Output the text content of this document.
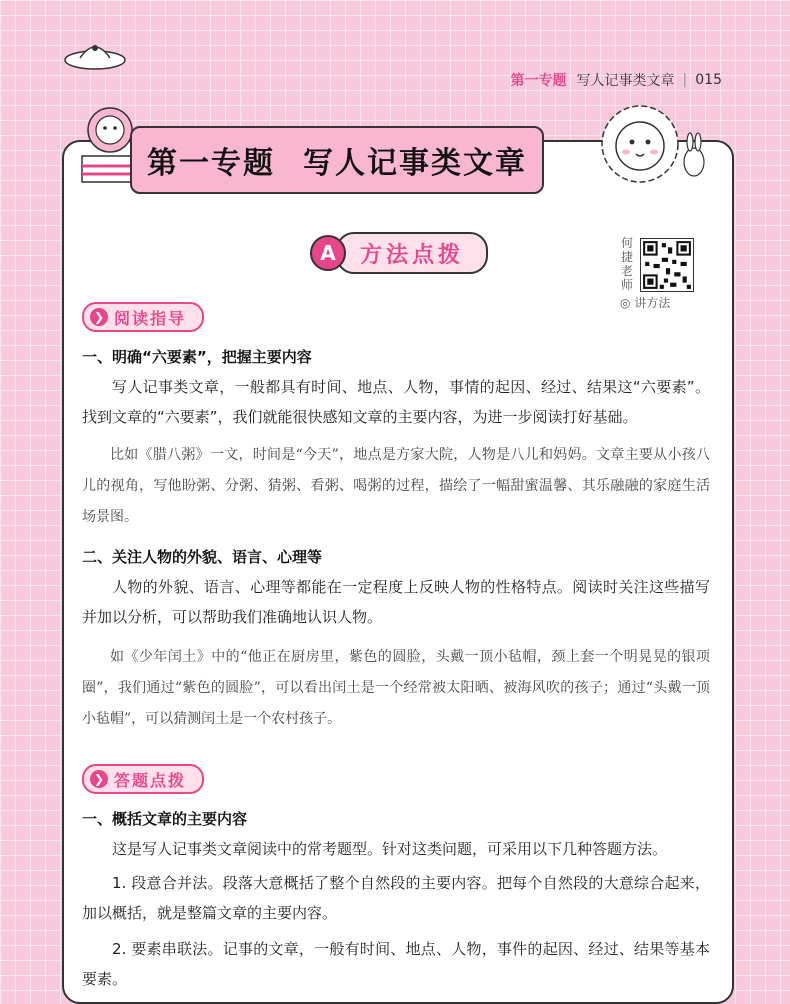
第一专题 写人记事类文章 | 015
第一专题 写人记事类文章
A	方法点拨	何捷老师
◎ 讲方法
❯ 阅读指导
一、明确“六要素”，把握主要内容
写人记事类文章，一般都具有时间、地点、人物，事情的起因、经过、结果这“六要素”。找到文章的“六要素”，我们就能很快感知文章的主要内容，为进一步阅读打好基础。
比如《腊八粥》一文，时间是“今天”，地点是方家大院，人物是八儿和妈妈。文章主要从小孩八儿的视角，写他盼粥、分粥、猜粥、看粥、喝粥的过程，描绘了一幅甜蜜温馨、其乐融融的家庭生活场景图。
二、关注人物的外貌、语言、心理等
人物的外貌、语言、心理等都能在一定程度上反映人物的性格特点。阅读时关注这些描写并加以分析，可以帮助我们准确地认识人物。
如《少年闰土》中的“他正在厨房里，紫色的圆脸，头戴一顶小毡帽，颈上套一个明晃晃的银项圈”，我们通过“紫色的圆脸”，可以看出闰土是一个经常被太阳晒、被海风吹的孩子；通过“头戴一顶小毡帽”，可以猜测闰土是一个农村孩子。
❯ 答题点拨
一、概括文章的主要内容
这是写人记事类文章阅读中的常考题型。针对这类问题，可采用以下几种答题方法。
1. 段意合并法。段落大意概括了整个自然段的主要内容。把每个自然段的大意综合起来，加以概括，就是整篇文章的主要内容。
2. 要素串联法。记事的文章，一般有时间、地点、人物，事件的起因、经过、结果等基本要素。
